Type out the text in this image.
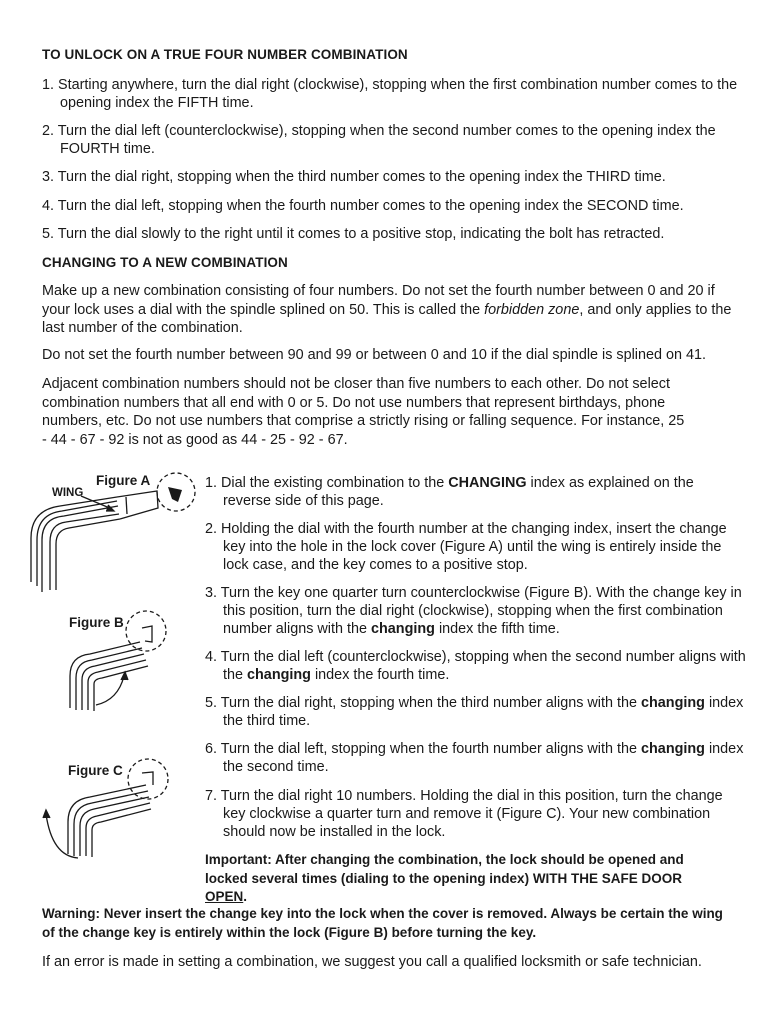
TO UNLOCK ON A TRUE FOUR NUMBER COMBINATION
1. Starting anywhere, turn the dial right (clockwise), stopping when the first combination number comes to the opening index the FIFTH time.
2. Turn the dial left (counterclockwise), stopping when the second number comes to the opening index the FOURTH time.
3. Turn the dial right, stopping when the third number comes to the opening index the THIRD time.
4. Turn the dial left, stopping when the fourth number comes to the opening index the SECOND time.
5. Turn the dial slowly to the right until it comes to a positive stop, indicating the bolt has retracted.
CHANGING TO A NEW COMBINATION
Make up a new combination consisting of four numbers. Do not set the fourth number between 0 and 20 if your lock uses a dial with the spindle splined on 50. This is called the forbidden zone, and only applies to the last number of the combination.
Do not set the fourth number between 90 and 99 or between 0 and 10 if the dial spindle is splined on 41.
Adjacent combination numbers should not be closer than five numbers to each other. Do not select combination numbers that all end with 0 or 5. Do not use numbers that represent birthdays, phone numbers, etc. Do not use numbers that comprise a strictly rising or falling sequence. For instance, 25 - 44 - 67 - 92 is not as good as 44 - 25 - 92 - 67.
1. Dial the existing combination to the CHANGING index as explained on the reverse side of this page.
2. Holding the dial with the fourth number at the changing index, insert the change key into the hole in the lock cover (Figure A) until the wing is entirely inside the lock case, and the key comes to a positive stop.
3. Turn the key one quarter turn counterclockwise (Figure B). With the change key in this position, turn the dial right (clockwise), stopping when the first combination number aligns with the changing index the fifth time.
4. Turn the dial left (counterclockwise), stopping when the second number aligns with the changing index the fourth time.
5. Turn the dial right, stopping when the third number aligns with the changing index the third time.
6. Turn the dial left, stopping when the fourth number aligns with the changing index the second time.
7. Turn the dial right 10 numbers. Holding the dial in this position, turn the change key clockwise a quarter turn and remove it (Figure C). Your new combination should now be installed in the lock.
Important: After changing the combination, the lock should be opened and locked several times (dialing to the opening index) WITH THE SAFE DOOR OPEN.
Warning: Never insert the change key into the lock when the cover is removed. Always be certain the wing of the change key is entirely within the lock (Figure B) before turning the key.
If an error is made in setting a combination, we suggest you call a qualified locksmith or safe technician.
Figure A
WING
Figure B
Figure C
